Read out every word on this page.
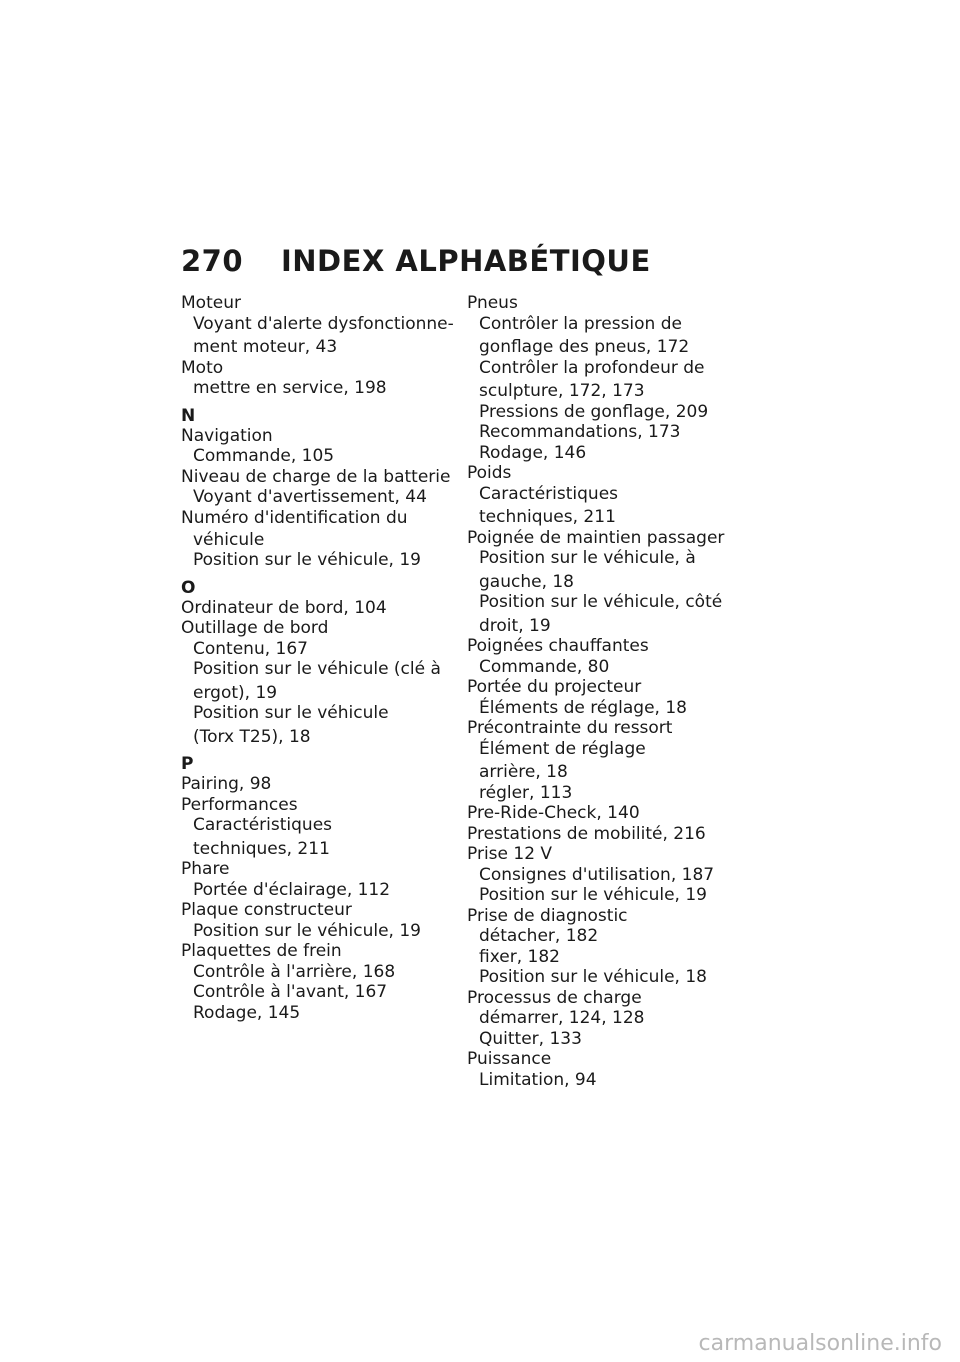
270 INDEX ALPHABÉTIQUE
Moteur
Voyant d'alerte dysfonctionne-
ment moteur, 43
Moto
mettre en service, 198
N
Navigation
Commande, 105
Niveau de charge de la batterie
Voyant d'avertissement, 44
Numéro d'identification du
véhicule
Position sur le véhicule, 19
O
Ordinateur de bord, 104
Outillage de bord
Contenu, 167
Position sur le véhicule (clé à
ergot), 19
Position sur le véhicule
(Torx T25), 18
P
Pairing, 98
Performances
Caractéristiques
techniques, 211
Phare
Portée d'éclairage, 112
Plaque constructeur
Position sur le véhicule, 19
Plaquettes de frein
Contrôle à l'arrière, 168
Contrôle à l'avant, 167
Rodage, 145
Pneus
Contrôler la pression de
gonflage des pneus, 172
Contrôler la profondeur de
sculpture, 172, 173
Pressions de gonflage, 209
Recommandations, 173
Rodage, 146
Poids
Caractéristiques
techniques, 211
Poignée de maintien passager
Position sur le véhicule, à
gauche, 18
Position sur le véhicule, côté
droit, 19
Poignées chauffantes
Commande, 80
Portée du projecteur
Éléments de réglage, 18
Précontrainte du ressort
Élément de réglage
arrière, 18
régler, 113
Pre-Ride-Check, 140
Prestations de mobilité, 216
Prise 12 V
Consignes d'utilisation, 187
Position sur le véhicule, 19
Prise de diagnostic
détacher, 182
fixer, 182
Position sur le véhicule, 18
Processus de charge
démarrer, 124, 128
Quitter, 133
Puissance
Limitation, 94
carmanualsonline.info
